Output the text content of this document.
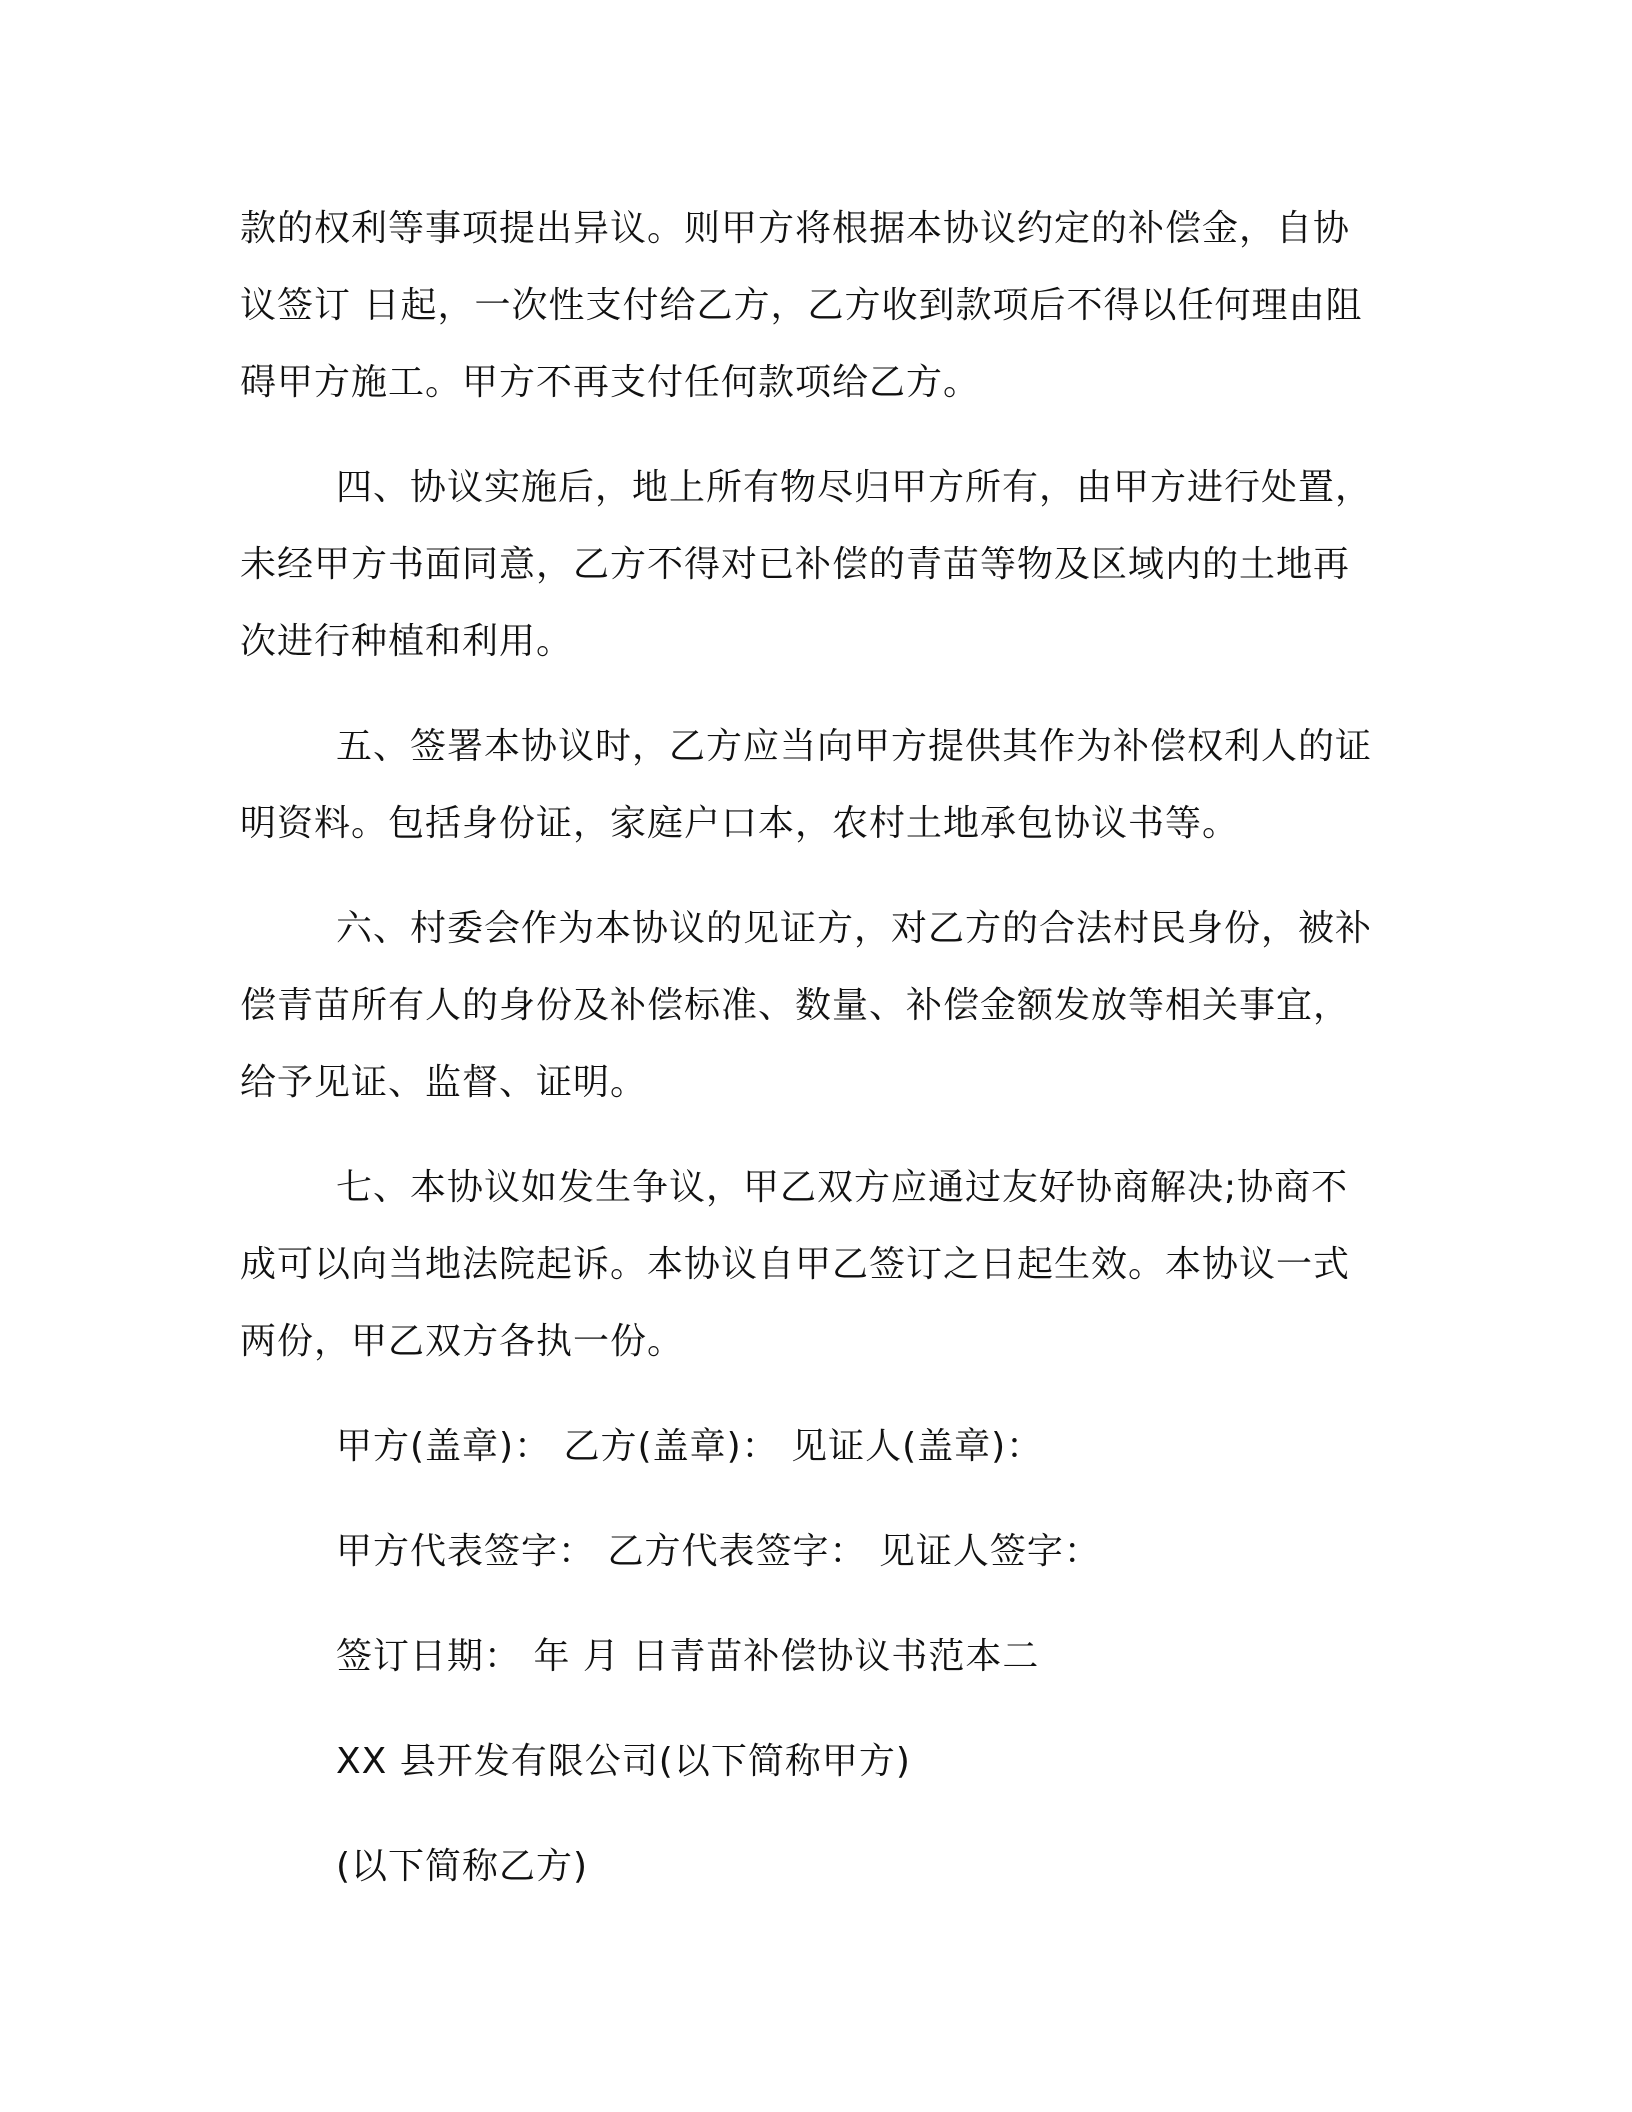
款的权利等事项提出异议。则甲方将根据本协议约定的补偿金，自协
议签订 日起，一次性支付给乙方，乙方收到款项后不得以任何理由阻
碍甲方施工。甲方不再支付任何款项给乙方。

四、协议实施后，地上所有物尽归甲方所有，由甲方进行处置，
未经甲方书面同意，乙方不得对已补偿的青苗等物及区域内的土地再
次进行种植和利用。

五、签署本协议时，乙方应当向甲方提供其作为补偿权利人的证
明资料。包括身份证，家庭户口本，农村土地承包协议书等。

六、村委会作为本协议的见证方，对乙方的合法村民身份，被补
偿青苗所有人的身份及补偿标准、数量、补偿金额发放等相关事宜，
给予见证、监督、证明。

七、本协议如发生争议，甲乙双方应通过友好协商解决;协商不
成可以向当地法院起诉。本协议自甲乙签订之日起生效。本协议一式
两份，甲乙双方各执一份。

甲方(盖章)： 乙方(盖章)： 见证人(盖章)：
甲方代表签字： 乙方代表签字： 见证人签字：
签订日期： 年 月 日青苗补偿协议书范本二
XX 县开发有限公司(以下简称甲方)
(以下简称乙方)
